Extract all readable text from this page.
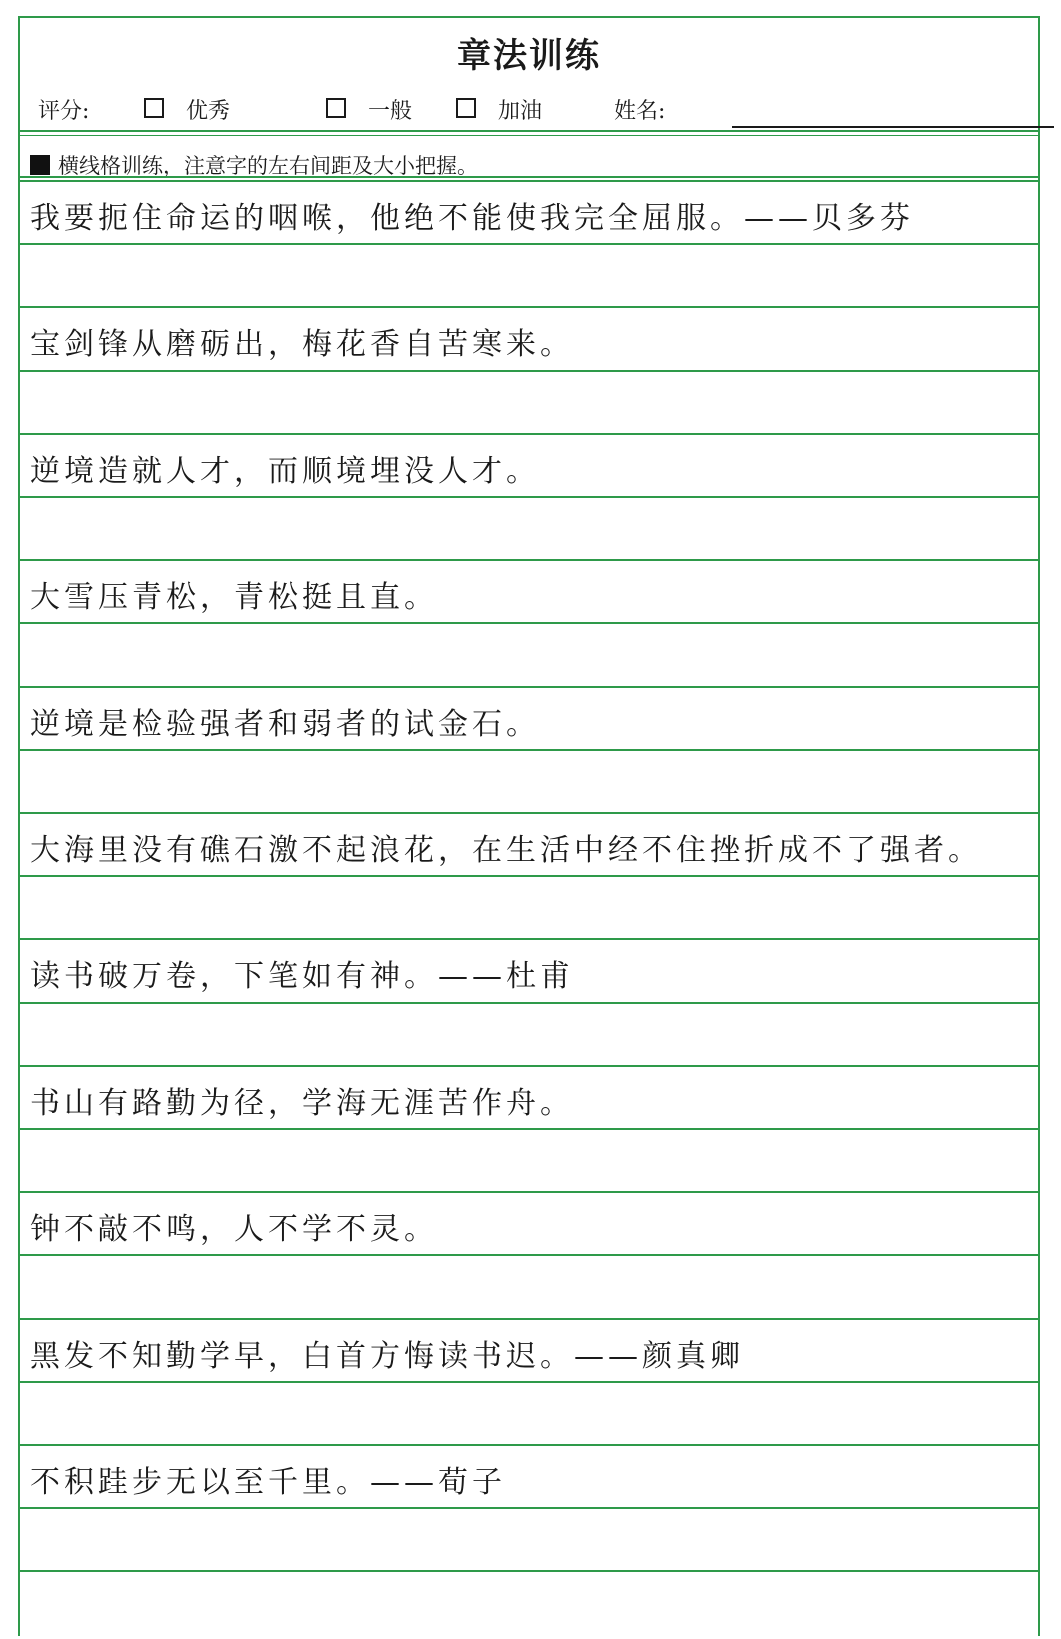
章法训练
评分:	优秀	一般	加油	姓名:
横线格训练，注意字的左右间距及大小把握。
我要扼住命运的咽喉，他绝不能使我完全屈服。——贝多芬
宝剑锋从磨砺出，梅花香自苦寒来。
逆境造就人才，而顺境埋没人才。
大雪压青松，青松挺且直。
逆境是检验强者和弱者的试金石。
大海里没有礁石激不起浪花，在生活中经不住挫折成不了强者。
读书破万卷，下笔如有神。——杜甫
书山有路勤为径，学海无涯苦作舟。
钟不敲不鸣，人不学不灵。
黑发不知勤学早，白首方悔读书迟。——颜真卿
不积跬步无以至千里。——荀子
